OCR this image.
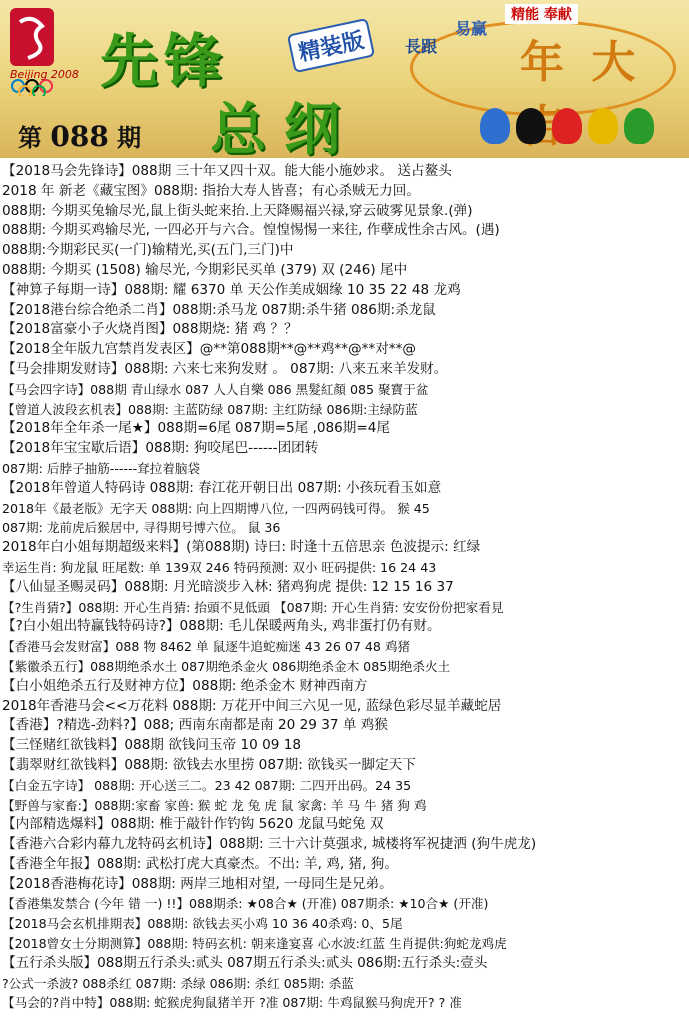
Beijing 2008
精能 奉献
易赢
長跟 年 大
先锋
总纲
精装版
第 088 期
【2018马会先锋诗】088期 三十年又四十双。能大能小施妙求。 送占鳌头
2018 年 新老《藏宝图》088期: 指抬大寿人皆喜；有心杀贼无力回。
088期: 今期买兔输尽光,鼠上街头蛇来抬.上天降赐福兴禄,穿云破雾见景象.(弹)
088期: 今期买鸡输尽光, 一四必开与六合。惶惶惕惕一来往, 作孽成性余古风。(遇)
088期:今期彩民买(一门)输精光,买(五门,三门)中
088期: 今期买 (1508) 输尽光, 今期彩民买单 (379) 双 (246) 尾中
【神算子每期一诗】088期: 耀 6370 单 天公作美成姻缘 10 35 22 48 龙鸡
【2018港台综合绝杀二肖】088期:杀马龙 087期:杀牛猪 086期:杀龙鼠
【2018富豪小子火烧肖图】088期烧: 猪 鸡 ？？
【2018全年版九宫禁肖发表区】@**第088期**@**鸡**@**对**@
【马会排期发财诗】088期: 六来七来狗发财 。 087期: 八来五来羊发财。
【马会四字诗】088期 青山绿水 087 人人自樂 086 黑髮紅顏 085 聚寶于盆
【曾道人波段玄机表】088期: 主蓝防绿 087期: 主红防绿 086期:主绿防蓝
【2018年全年杀一尾★】088期=6尾 087期=5尾 ,086期=4尾
【2018年宝宝歇后语】088期: 狗咬尾巴------团团转
087期: 后脖子抽筋------耷拉着脑袋
【2018年曾道人特码诗 088期: 春江花开朝日出 087期: 小孩玩看玉如意
2018年《最老版》无字天 088期: 向上四期博八位, 一四两码钱可得。 猴 45
087期: 龙前虎后猴居中, 寻得期号博六位。 鼠 36
2018年白小姐每期超级来料】(第088期) 诗曰: 时逢十五倍思亲 色波提示: 红绿
幸运生肖: 狗龙鼠 旺尾数: 单 139双 246 特码预测: 双小 旺码提供: 16 24 43
【八仙显圣赐灵码】088期: 月光暗淡步入林: 猪鸡狗虎 提供: 12 15 16 37
【?生肖猜?】088期: 开心生肖猜: 抬頭不見低頭 【087期: 开心生肖猜: 安安份份把家看見
【?白小姐出特赢钱特码诗?】088期: 毛儿保暖两角头, 鸡非蛋打仍有财。
【香港马会发财富】088 物 8462 单 鼠逐牛追蛇痴迷 43 26 07 48 鸡猪
【紫徽杀五行】088期绝杀水土 087期绝杀金火 086期绝杀金木 085期绝杀火土
【白小姐绝杀五行及财神方位】088期: 绝杀金木 财神西南方
2018年香港马会<<万花料 088期: 万花开中间三六见一见, 蓝绿色彩尽显羊藏蛇居
【香港】?精选-劲料?】088; 西南东南都是南 20 29 37 单 鸡猴
【三怪赌红欲钱料】088期 欲钱问玉帝 10 09 18
【翡翠财红欲钱料】088期: 欲钱去水里捞 087期: 欲钱买一脚定天下
【白金五字诗】 088期: 开心送三二。23 42 087期: 二四开出码。24 35
【野兽与家畜:】088期:家畜 家兽: 猴 蛇 龙 兔 虎 鼠 家禽: 羊 马 牛 猪 狗 鸡
【内部精选爆料】088期: 椎于敲针作钓钩 5620 龙鼠马蛇兔 双
【香港六合彩内幕九龙特码玄机诗】088期: 三十六计莫强求, 城楼将军祝捷洒 (狗牛虎龙)
【香港全年报】088期: 武松打虎大真豪杰。不出: 羊, 鸡, 猪, 狗。
【2018香港梅花诗】088期: 两岸三地相对望, 一母同生是兄弟。
【香港集发禁合 (今年 错 一) !!】088期杀: ★08合★ (开准) 087期杀: ★10合★ (开准)
【2018马会玄机排期表】088期: 欲钱去买小鸡 10 36 40杀鸡: 0、5尾
【2018曾女士分期测算】088期: 特码玄机: 朝来逢宴喜 心水波:红蓝 生肖提供:狗蛇龙鸡虎
【五行杀头版】088期五行杀头:贰头 087期五行杀头:贰头 086期:五行杀头:壹头
?公式一杀波? 088杀红 087期: 杀绿 086期: 杀红 085期: 杀蓝
【马会的?肖中特】088期: 蛇猴虎狗鼠猪羊开 ?准 087期: 牛鸡鼠猴马狗虎开? ? 准
